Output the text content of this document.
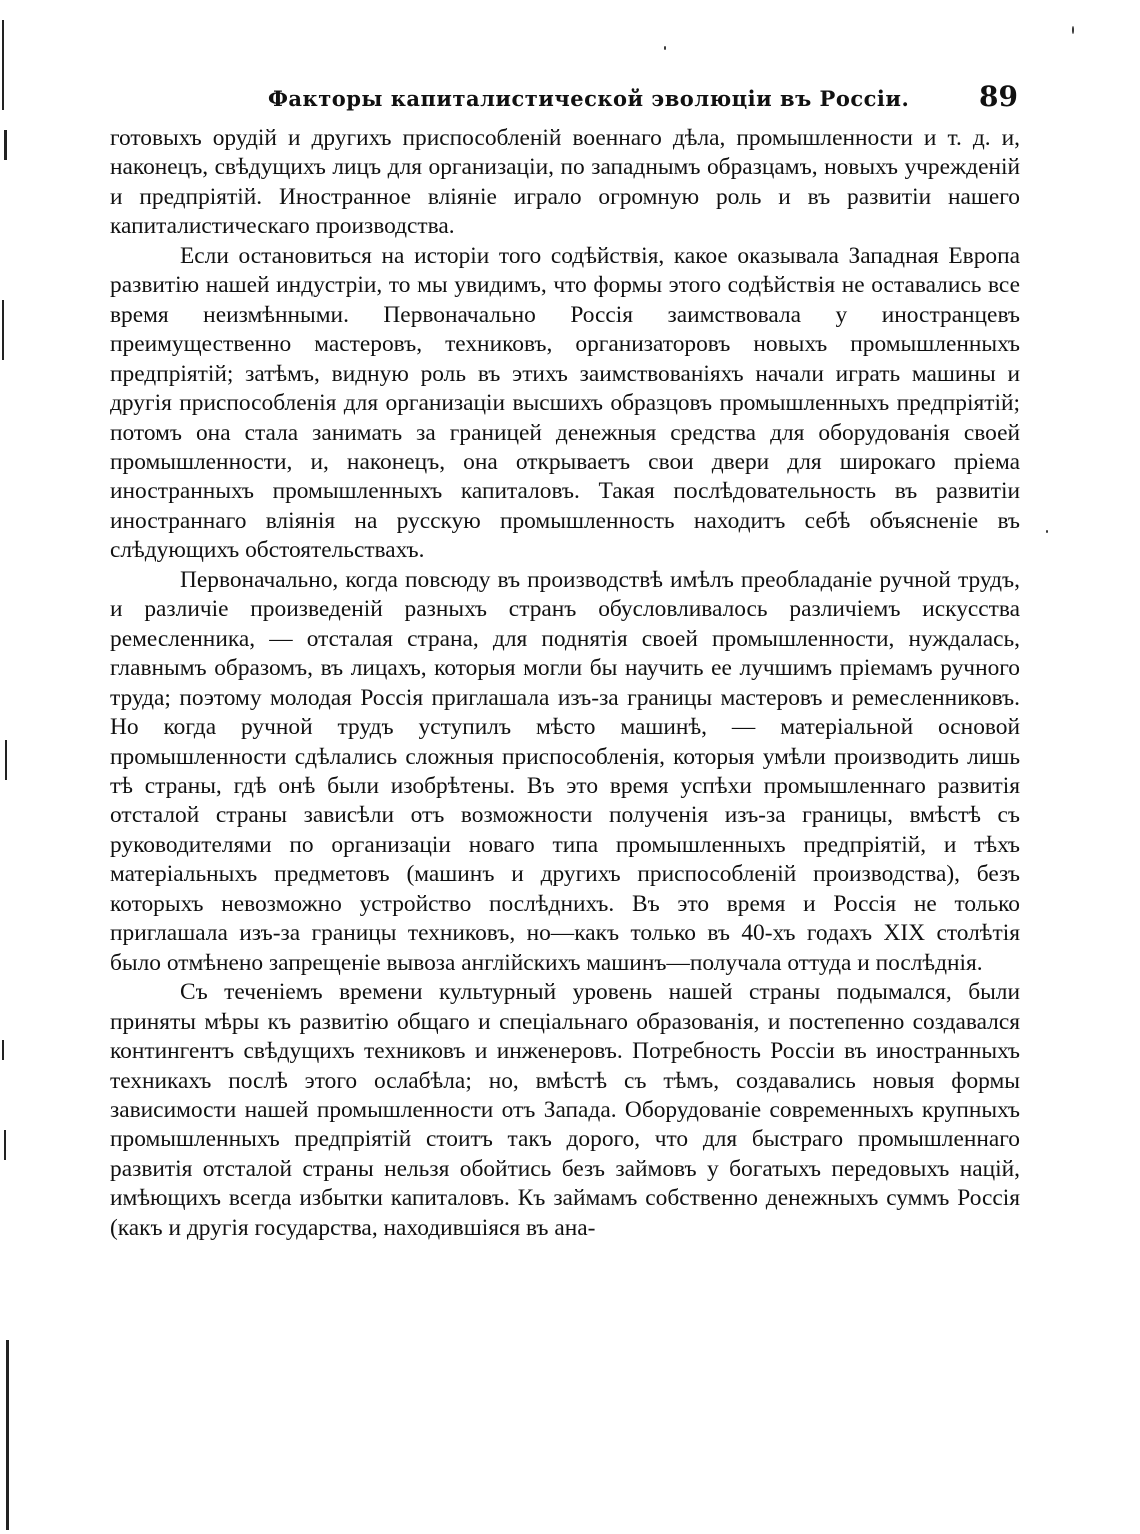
Факторы капиталистической эволюціи въ Россіи. 89

готовыхъ орудій и другихъ приспособленій военнаго дѣла, промышленности и т. д. и, наконецъ, свѣдущихъ лицъ для организаціи, по западнымъ образцамъ, новыхъ учрежденій и предпріятій. Иностранное вліяніе играло огромную роль и въ развитіи нашего капиталистическаго производства.

Если остановиться на исторіи того содѣйствія, какое оказывала Западная Европа развитію нашей индустріи, то мы увидимъ, что формы этого содѣйствія не оставались все время неизмѣнными. Первоначально Россія заимствовала у иностранцевъ преимущественно мастеровъ, техниковъ, организаторовъ новыхъ промышленныхъ предпріятій; затѣмъ, видную роль въ этихъ заимствованіяхъ начали играть машины и другія приспособленія для организаціи высшихъ образцовъ промышленныхъ предпріятій; потомъ она стала занимать за границей денежныя средства для оборудованія своей промышленности, и, наконецъ, она открываетъ свои двери для широкаго пріема иностранныхъ промышленныхъ капиталовъ. Такая послѣдовательность въ развитіи иностраннаго вліянія на русскую промышленность находитъ себѣ объясненіе въ слѣдующихъ обстоятельствахъ.

Первоначально, когда повсюду въ производствѣ имѣлъ преобладаніе ручной трудъ, и различіе произведеній разныхъ странъ обусловливалось различіемъ искусства ремесленника, — отсталая страна, для поднятія своей промышленности, нуждалась, главнымъ образомъ, въ лицахъ, которыя могли бы научить ее лучшимъ пріемамъ ручного труда; поэтому молодая Россія приглашала изъ-за границы мастеровъ и ремесленниковъ. Но когда ручной трудъ уступилъ мѣсто машинѣ, — матеріальной основой промышленности сдѣлались сложныя приспособленія, которыя умѣли производить лишь тѣ страны, гдѣ онѣ были изобрѣтены. Въ это время успѣхи промышленнаго развитія отсталой страны зависѣли отъ возможности полученія изъ-за границы, вмѣстѣ съ руководителями по организаціи новаго типа промышленныхъ предпріятій, и тѣхъ матеріальныхъ предметовъ (машинъ и другихъ приспособленій производства), безъ которыхъ невозможно устройство послѣднихъ. Въ это время и Россія не только приглашала изъ-за границы техниковъ, но—какъ только въ 40-хъ годахъ XIX столѣтія было отмѣнено запрещеніе вывоза англійскихъ машинъ—получала оттуда и послѣднія.

Съ теченіемъ времени культурный уровень нашей страны подымался, были приняты мѣры къ развитію общаго и спеціальнаго образованія, и постепенно создавался контингентъ свѣдущихъ техниковъ и инженеровъ. Потребность Россіи въ иностранныхъ техникахъ послѣ этого ослабѣла; но, вмѣстѣ съ тѣмъ, создавались новыя формы зависимости нашей промышленности отъ Запада. Оборудованіе современныхъ крупныхъ промышленныхъ предпріятій стоитъ такъ дорого, что для быстраго промышленнаго развитія отсталой страны нельзя обойтись безъ займовъ у богатыхъ передовыхъ націй, имѣющихъ всегда избытки капиталовъ. Къ займамъ собственно денежныхъ суммъ Россія (какъ и другія государства, находившіяся въ ана-
